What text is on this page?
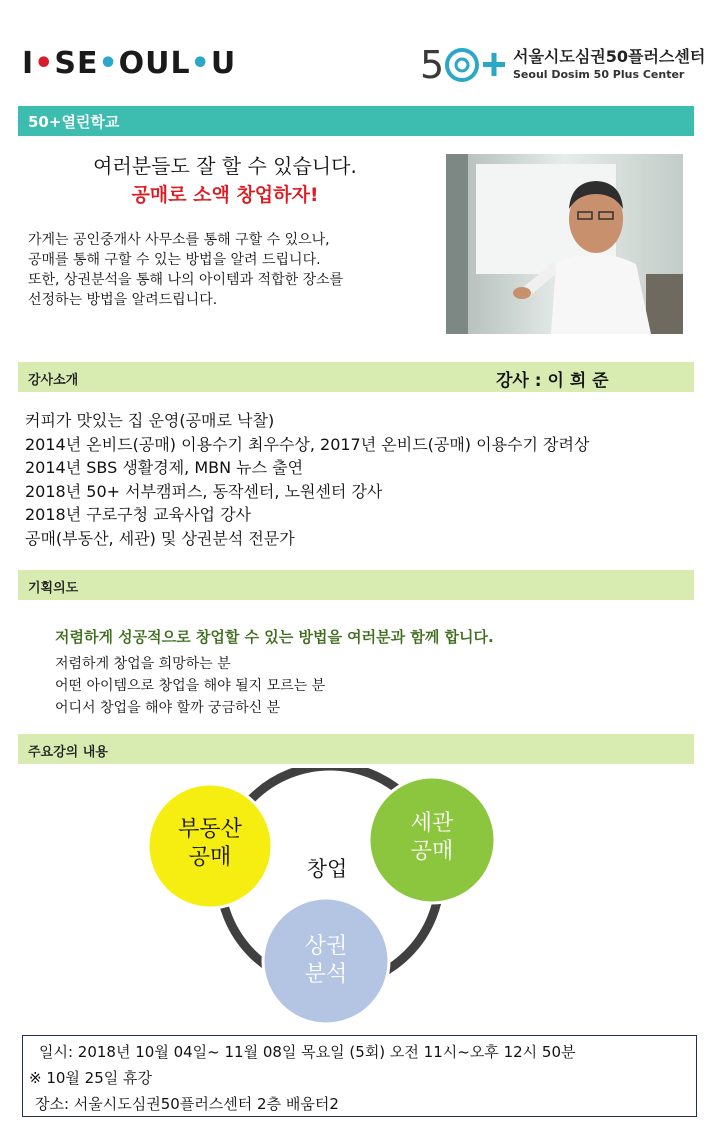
I•SE•OUL•U	5	서울시도심권50플러스센터
Seoul Dosim 50 Plus Center
50+열린학교
여러분들도 잘 할 수 있습니다.
공매로 소액 창업하자!
가게는 공인중개사 사무소를 통해 구할 수 있으나,
공매를 통해 구할 수 있는 방법을 알려 드립니다.
또한, 상권분석을 통해 나의 아이템과 적합한 장소를
선정하는 방법을 알려드립니다.
강사소개	강사 : 이 희 준
커피가 맛있는 집 운영(공매로 낙찰)
2014년 온비드(공매) 이용수기 최우수상, 2017년 온비드(공매) 이용수기 장려상
2014년 SBS 생활경제, MBN 뉴스 출연
2018년 50+ 서부캠퍼스, 동작센터, 노원센터 강사
2018년 구로구청 교육사업 강사
공매(부동산, 세관) 및 상권분석 전문가
기획의도
저렴하게 성공적으로 창업할 수 있는 방법을 여러분과 함께 합니다.
저렴하게 창업을 희망하는 분
어떤 아이템으로 창업을 해야 될지 모르는 분
어디서 창업을 해야 할까 궁금하신 분
주요강의 내용
창업
부동산
공매
세관
공매
상권
분석
일시: 2018년 10월 04일~ 11월 08일 목요일 (5회) 오전 11시~오후 12시 50분
※ 10월 25일 휴강
장소: 서울시도심권50플러스센터 2층 배움터2
